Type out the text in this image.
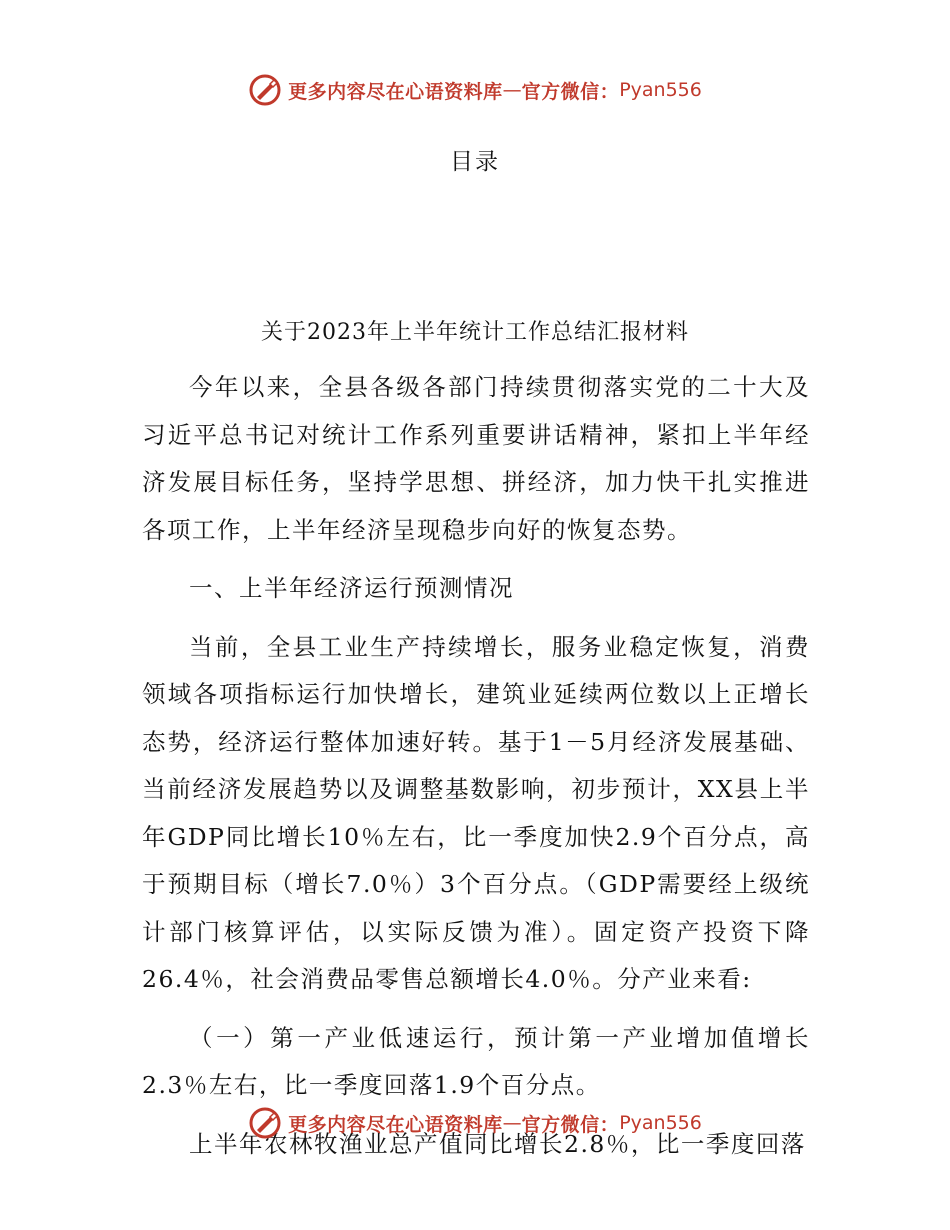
更多内容尽在心语资料库 — 官方微信： Pyan556
目录
关于2023年上半年统计工作总结汇报材料

今年以来，全县各级各部门持续贯彻落实党的二十大及习近平总书记对统计工作系列重要讲话精神，紧扣上半年经济发展目标任务，坚持学思想、拼经济，加力快干扎实推进各项工作，上半年经济呈现稳步向好的恢复态势。

一、上半年经济运行预测情况

当前，全县工业生产持续增长，服务业稳定恢复，消费领域各项指标运行加快增长，建筑业延续两位数以上正增长态势，经济运行整体加速好转。基于1－5月经济发展基础、当前经济发展趋势以及调整基数影响，初步预计，XX县上半年GDP同比增长10％左右，比一季度加快2.9个百分点，高于预期目标（增长7.0％）3个百分点。（GDP需要经上级统计部门核算评估，以实际反馈为准）。固定资产投资下降26.4％，社会消费品零售总额增长4.0％。分产业来看:

（一）第一产业低速运行，预计第一产业增加值增长2.3％左右，比一季度回落1.9个百分点。

上半年农林牧渔业总产值同比增长2.8％，比一季度回落

更多内容尽在心语资料库 — 官方微信： Pyan556
